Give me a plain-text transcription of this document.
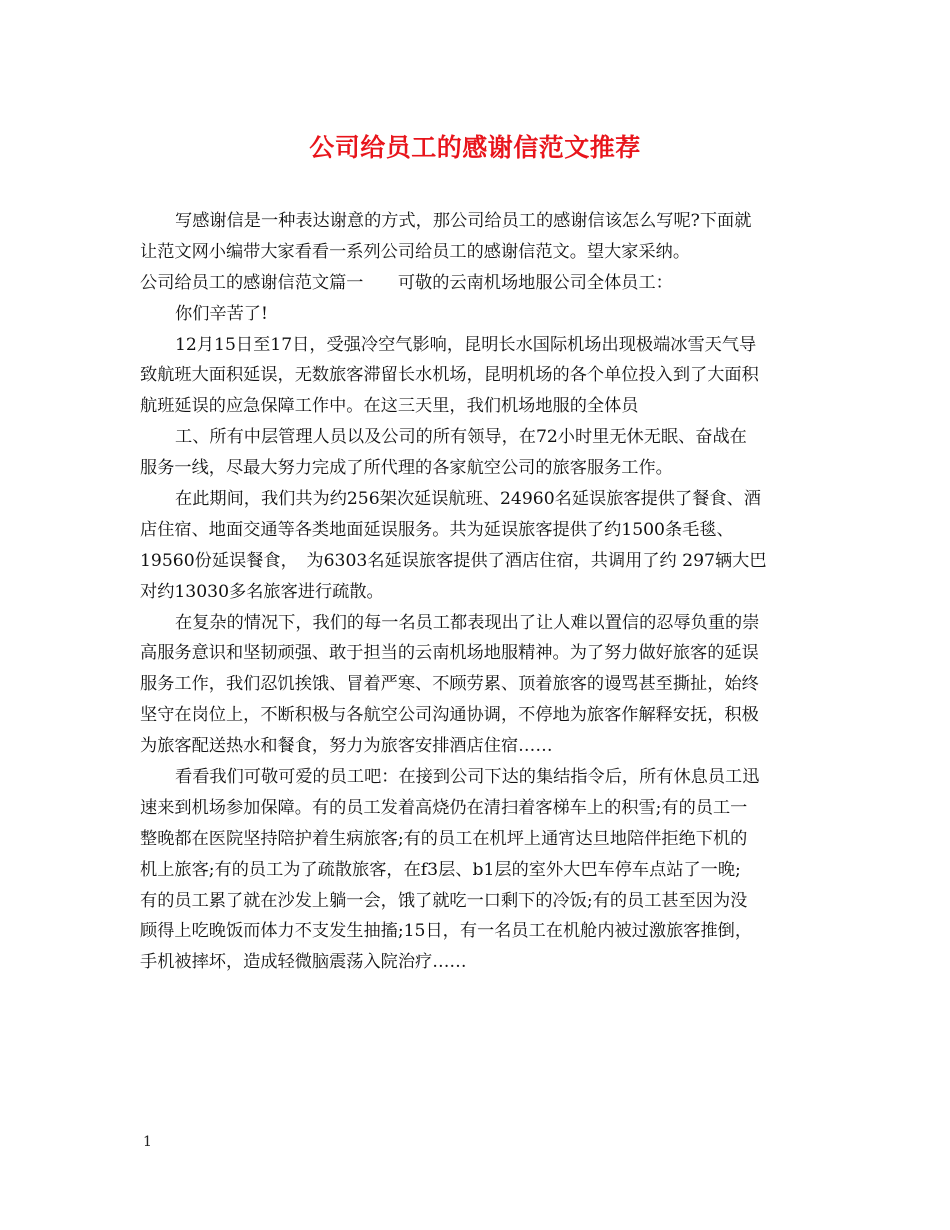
公司给员工的感谢信范文推荐
写感谢信是一种表达谢意的方式，那公司给员工的感谢信该怎么写呢?下面就
让范文网小编带大家看看一系列公司给员工的感谢信范文。望大家采纳。
公司给员工的感谢信范文篇一　　可敬的云南机场地服公司全体员工：
你们辛苦了!
12月15日至17日，受强冷空气影响，昆明长水国际机场出现极端冰雪天气导
致航班大面积延误，无数旅客滞留长水机场，昆明机场的各个单位投入到了大面积
航班延误的应急保障工作中。在这三天里，我们机场地服的全体员
工、所有中层管理人员以及公司的所有领导，在72小时里无休无眠、奋战在
服务一线，尽最大努力完成了所代理的各家航空公司的旅客服务工作。
在此期间，我们共为约256架次延误航班、24960名延误旅客提供了餐食、酒
店住宿、地面交通等各类地面延误服务。共为延误旅客提供了约1500条毛毯、
19560份延误餐食，　为6303名延误旅客提供了酒店住宿，共调用了约 297辆大巴
对约13030多名旅客进行疏散。
在复杂的情况下，我们的每一名员工都表现出了让人难以置信的忍辱负重的崇
高服务意识和坚韧顽强、敢于担当的云南机场地服精神。为了努力做好旅客的延误
服务工作，我们忍饥挨饿、冒着严寒、不顾劳累、顶着旅客的谩骂甚至撕扯，始终
坚守在岗位上，不断积极与各航空公司沟通协调，不停地为旅客作解释安抚，积极
为旅客配送热水和餐食，努力为旅客安排酒店住宿……
看看我们可敬可爱的员工吧：在接到公司下达的集结指令后，所有休息员工迅
速来到机场参加保障。有的员工发着高烧仍在清扫着客梯车上的积雪;有的员工一
整晚都在医院坚持陪护着生病旅客;有的员工在机坪上通宵达旦地陪伴拒绝下机的
机上旅客;有的员工为了疏散旅客，在f3层、b1层的室外大巴车停车点站了一晚;
有的员工累了就在沙发上躺一会，饿了就吃一口剩下的冷饭;有的员工甚至因为没
顾得上吃晚饭而体力不支发生抽搐;15日，有一名员工在机舱内被过激旅客推倒，
手机被摔坏，造成轻微脑震荡入院治疗……
1
